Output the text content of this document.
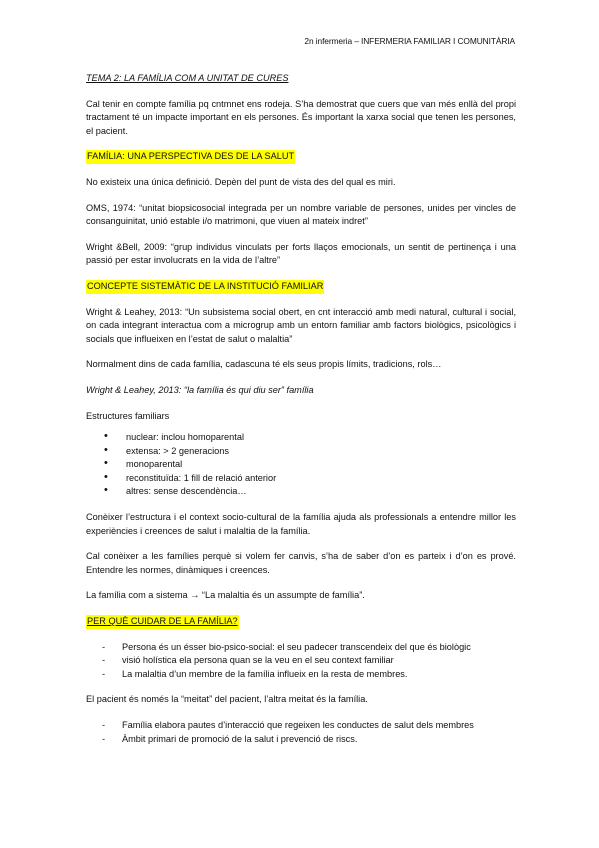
2n infermeria – INFERMERIA FAMILIAR I COMUNITÀRIA

TEMA 2: LA FAMÍLIA COM A UNITAT DE CURES

Cal tenir en compte família pq cntmnet ens rodeja. S’ha demostrat que cuers que van més enllà del propi tractament té un impacte important en els persones. És important la xarxa social que tenen les persones, el pacient.

FAMÍLIA: UNA PERSPECTIVA DES DE LA SALUT

No existeix una única definició. Depèn del punt de vista des del qual es miri.

OMS, 1974: “unitat biopsicosocial integrada per un nombre variable de persones, unides per vincles de consanguinitat, unió estable i/o matrimoni, que viuen al mateix indret”

Wright &Bell, 2009: “grup individus vinculats per forts llaços emocionals, un sentit de pertinença i una passió per estar involucrats en la vida de l’altre”

CONCEPTE SISTEMÀTIC DE LA INSTITUCIÓ FAMILIAR

Wright & Leahey, 2013: “Un subsistema social obert, en cnt interacció amb medi natural, cultural i social, on cada integrant interactua com a microgrup amb un entorn familiar amb factors biològics, psicològics i socials que influeixen en l’estat de salut o malaltia”

Normalment dins de cada família, cadascuna té els seus propis límits, tradicions, rols…

Wright & Leahey, 2013: “la família és qui diu ser” família

Estructures familiars

• nuclear: inclou homoparental
• extensa: > 2 generacions
• monoparental
• reconstituïda: 1 fill de relació anterior
• altres: sense descendència…

Conèixer l’estructura i el context socio-cultural de la família ajuda als professionals a entendre millor les experiències i creences de salut i malaltia de la família.

Cal conèixer a les famílies perquè si volem fer canvis, s’ha de saber d’on es parteix i d’on es prové. Entendre les normes, dinàmiques i creences.

La família com a sistema → “La malaltia és un assumpte de família”.

PER QUÈ CUIDAR DE LA FAMÍLIA?
- Persona és un ésser bio-psico-social: el seu padecer transcendeix del que és biològic
- visió holística ela persona quan se la veu en el seu context familiar
- La malaltia d’un membre de la família influeix en la resta de membres.

El pacient és només la “meitat” del pacient, l’altra meitat és la família.

- Família elabora pautes d’interacció que regeixen les conductes de salut dels membres
- Àmbit primari de promoció de la salut i prevenció de riscs.
